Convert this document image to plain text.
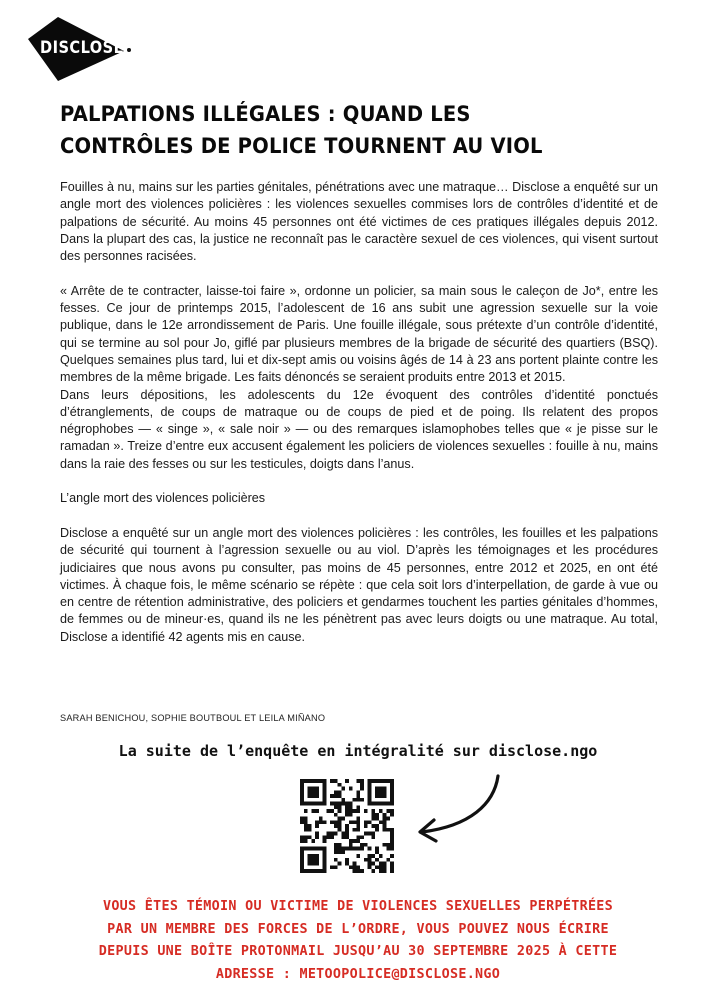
DISCLOSE
PALPATIONS ILLÉGALES : QUAND LES
CONTRÔLES DE POLICE TOURNENT AU VIOL

Fouilles à nu, mains sur les parties génitales, pénétrations avec une matraque… Disclose a enquêté sur un angle mort des violences policières : les violences sexuelles commises lors de contrôles d’identité et de palpations de sécurité. Au moins 45 personnes ont été victimes de ces pratiques illégales depuis 2012. Dans la plupart des cas, la justice ne reconnaît pas le caractère sexuel de ces violences, qui visent surtout des personnes racisées.

« Arrête de te contracter, laisse-toi faire », ordonne un policier, sa main sous le caleçon de Jo*, entre les fesses. Ce jour de printemps 2015, l’adolescent de 16 ans subit une agression sexuelle sur la voie publique, dans le 12e arrondissement de Paris. Une fouille illégale, sous prétexte d’un contrôle d’identité, qui se termine au sol pour Jo, giflé par plusieurs membres de la brigade de sécurité des quartiers (BSQ). Quelques semaines plus tard, lui et dix-sept amis ou voisins âgés de 14 à 23 ans portent plainte contre les membres de la même brigade. Les faits dénoncés se seraient produits entre 2013 et 2015.

Dans leurs dépositions, les adolescents du 12e évoquent des contrôles d’identité ponctués d’étranglements, de coups de matraque ou de coups de pied et de poing. Ils relatent des propos négrophobes — « singe », « sale noir » — ou des remarques islamophobes telles que « je pisse sur le ramadan ». Treize d’entre eux accusent également les policiers de violences sexuelles : fouille à nu, mains dans la raie des fesses ou sur les testicules, doigts dans l’anus.

L’angle mort des violences policières

Disclose a enquêté sur un angle mort des violences policières : les contrôles, les fouilles et les palpations de sécurité qui tournent à l’agression sexuelle ou au viol. D’après les témoignages et les procédures judiciaires que nous avons pu consulter, pas moins de 45 personnes, entre 2012 et 2025, en ont été victimes. À chaque fois, le même scénario se répète : que cela soit lors d’interpellation, de garde à vue ou en centre de rétention administrative, des policiers et gendarmes touchent les parties génitales d’hommes, de femmes ou de mineur·es, quand ils ne les pénètrent pas avec leurs doigts ou une matraque. Au total, Disclose a identifié 42 agents mis en cause.

SARAH BENICHOU, SOPHIE BOUTBOUL ET LEILA MIÑANO
La suite de l’enquête en intégralité sur disclose.ngo
VOUS ÊTES TÉMOIN OU VICTIME DE VIOLENCES SEXUELLES PERPÉTRÉES
PAR UN MEMBRE DES FORCES DE L’ORDRE, VOUS POUVEZ NOUS ÉCRIRE
DEPUIS UNE BOÎTE PROTONMAIL JUSQU’AU 30 SEPTEMBRE 2025 À CETTE
ADRESSE : METOOPOLICE@DISCLOSE.NGO
